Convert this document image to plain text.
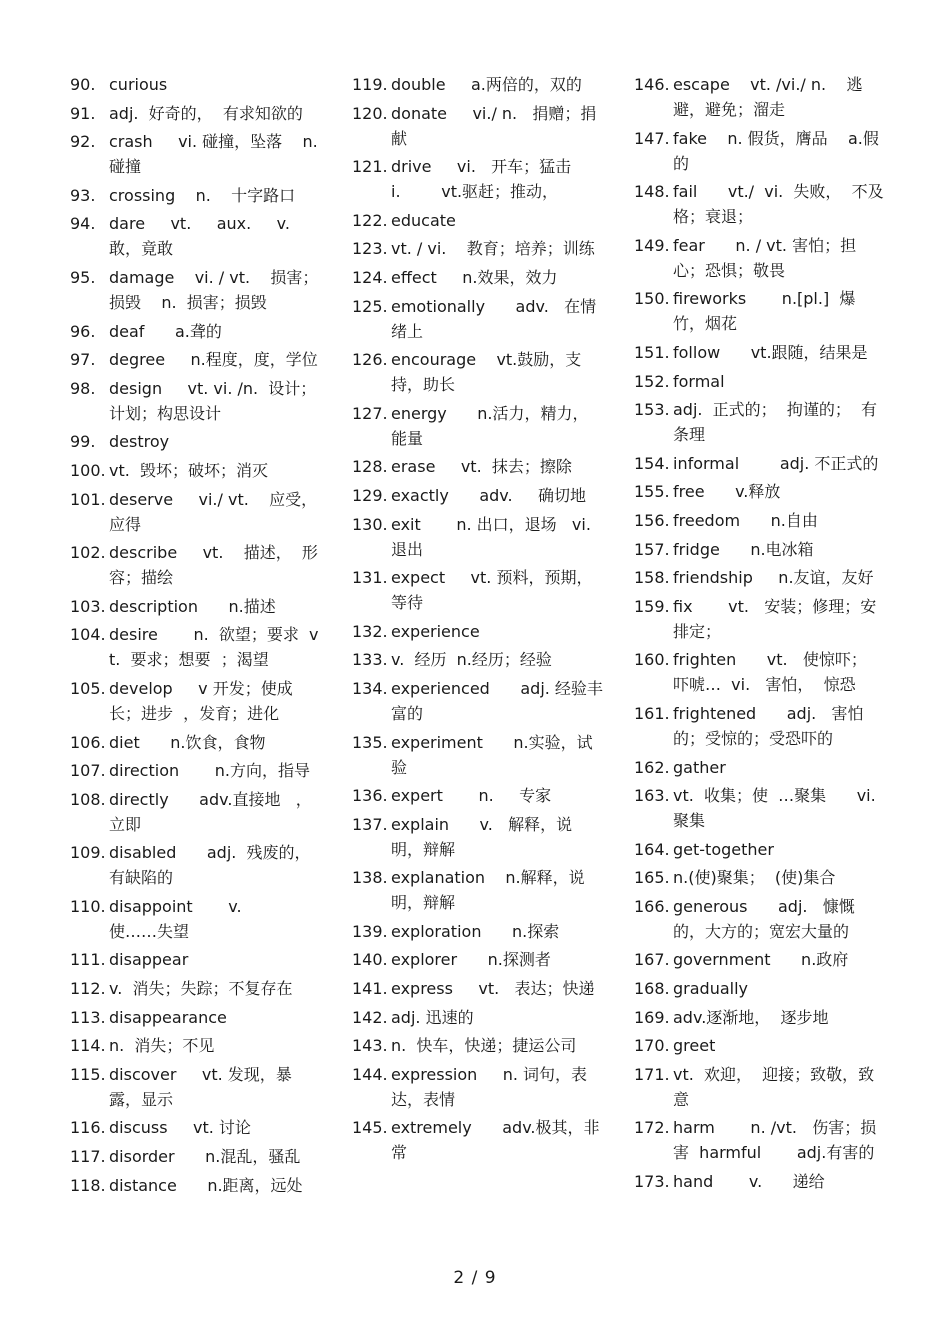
90. curious
91. adj.  好奇的，  有求知欲的
92. crash     vi. 碰撞，坠落    n. 碰撞
93. crossing    n.    十字路口
94. dare     vt.     aux.     v. 敢，竟敢
95. damage    vi. / vt.    损害；损毁    n.  损害；损毁
96. deaf      a.聋的
97. degree     n.程度，度，学位
98. design     vt. vi. /n.  设计；计划；构思设计
99. destroy
100. vt.  毁坏；破坏；消灭
101. deserve     vi./ vt.    应受，应得
102. describe     vt.    描述，  形容；描绘
103. description      n.描述
104. desire       n.  欲望；要求  vt.  要求；想要  ；渴望
105. develop     v 开发；使成长；进步  ，发育；进化
106. diet      n.饮食，食物
107. direction       n.方向，指导
108. directly      adv.直接地   ，立即
109. disabled      adj.  残废的，有缺陷的
110. disappoint       v.      使……失望
111. disappear
112. v.  消失；失踪；不复存在
113. disappearance
114. n.  消失；不见
115. discover     vt. 发现，暴露，显示
116. discuss     vt. 讨论
117. disorder      n.混乱，骚乱
118. distance      n.距离，远处
119. double     a.两倍的，双的
120. donate     vi./ n.   捐赠；捐献
121. drive     vi.   开车；猛击     i.        vt.驱赶；推动，
122. educate
123. vt. / vi.    教育；培养；训练
124. effect     n.效果，效力
125. emotionally      adv.   在情绪上
126. encourage    vt.鼓励，支持，助长
127. energy      n.活力，精力，能量
128. erase     vt.  抹去；擦除
129. exactly      adv.     确切地
130. exit       n. 出口，退场   vi. 退出
131. expect     vt. 预料，预期，等待
132. experience
133. v.  经历  n.经历；经验
134. experienced      adj. 经验丰富的
135. experiment      n.实验，试验
136. expert       n.     专家
137. explain      v.   解释，说明，辩解
138. explanation    n.解释，说明，辩解
139. exploration      n.探索
140. explorer      n.探测者
141. express     vt.   表达；快递
142. adj. 迅速的
143. n.  快车，快递；捷运公司
144. expression     n. 词句，表达，表情
145. extremely      adv.极其，非常
146. escape    vt. /vi./ n.    逃避，避免；溜走
147. fake    n. 假货，膺品    a.假的
148. fail      vt./  vi.  失败，  不及格；衰退；
149. fear      n. / vt. 害怕；担心；恐惧；敬畏
150. fireworks       n.[pl.]  爆竹，烟花
151. follow      vt.跟随，结果是
152. formal
153. adj.  正式的；  拘谨的；  有条理
154. informal        adj. 不正式的
155. free      v.释放
156. freedom      n.自由
157. fridge      n.电冰箱
158. friendship     n.友谊，友好
159. fix       vt.   安装；修理；安排定；
160. frighten      vt.   使惊吓；  吓唬…  vi.   害怕，  惊恐
161. frightened      adj.   害怕的；受惊的；受恐吓的
162. gather
163. vt.  收集；使  …聚集      vi. 聚集
164. get-together
165. n.(使)聚集；  (使)集合
166. generous      adj.   慷慨的，大方的；宽宏大量的
167. government      n.政府
168. gradually
169. adv.逐渐地，  逐步地
170. greet
171. vt.  欢迎，  迎接；致敬，致意
172. harm       n. /vt.   伤害；损害  harmful       adj.有害的
173. hand       v.      递给
2 / 9
